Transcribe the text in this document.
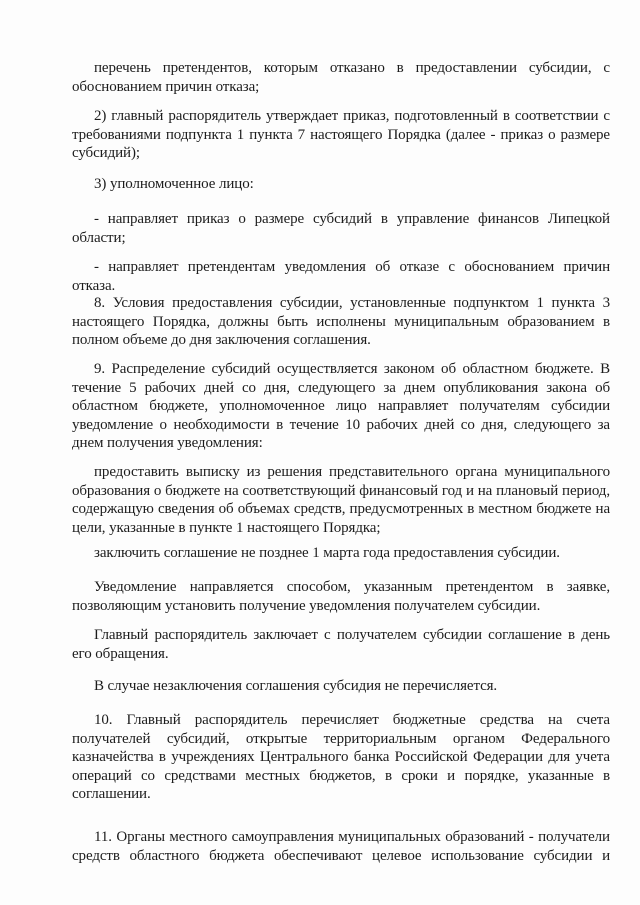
перечень претендентов, которым отказано в предоставлении субсидии, с обоснованием причин отказа;

2) главный распорядитель утверждает приказ, подготовленный в соответствии с требованиями подпункта 1 пункта 7 настоящего Порядка (далее - приказ о размере субсидий);

3) уполномоченное лицо:

- направляет приказ о размере субсидий в управление финансов Липецкой области;

- направляет претендентам уведомления об отказе с обоснованием причин отказа.

8. Условия предоставления субсидии, установленные подпунктом 1 пункта 3 настоящего Порядка, должны быть исполнены муниципальным образованием в полном объеме до дня заключения соглашения.

9. Распределение субсидий осуществляется законом об областном бюджете. В течение 5 рабочих дней со дня, следующего за днем опубликования закона об областном бюджете, уполномоченное лицо направляет получателям субсидии уведомление о необходимости в течение 10 рабочих дней со дня, следующего за днем получения уведомления:

предоставить выписку из решения представительного органа муниципального образования о бюджете на соответствующий финансовый год и на плановый период, содержащую сведения об объемах средств, предусмотренных в местном бюджете на цели, указанные в пункте 1 настоящего Порядка;

заключить соглашение не позднее 1 марта года предоставления субсидии.

Уведомление направляется способом, указанным претендентом в заявке, позволяющим установить получение уведомления получателем субсидии.

Главный распорядитель заключает с получателем субсидии соглашение в день его обращения.

В случае незаключения соглашения субсидия не перечисляется.

10. Главный распорядитель перечисляет бюджетные средства на счета получателей субсидий, открытые территориальным органом Федерального казначейства в учреждениях Центрального банка Российской Федерации для учета операций со средствами местных бюджетов, в сроки и порядке, указанные в соглашении.

11. Органы местного самоуправления муниципальных образований - получатели средств областного бюджета обеспечивают целевое использование субсидии и
